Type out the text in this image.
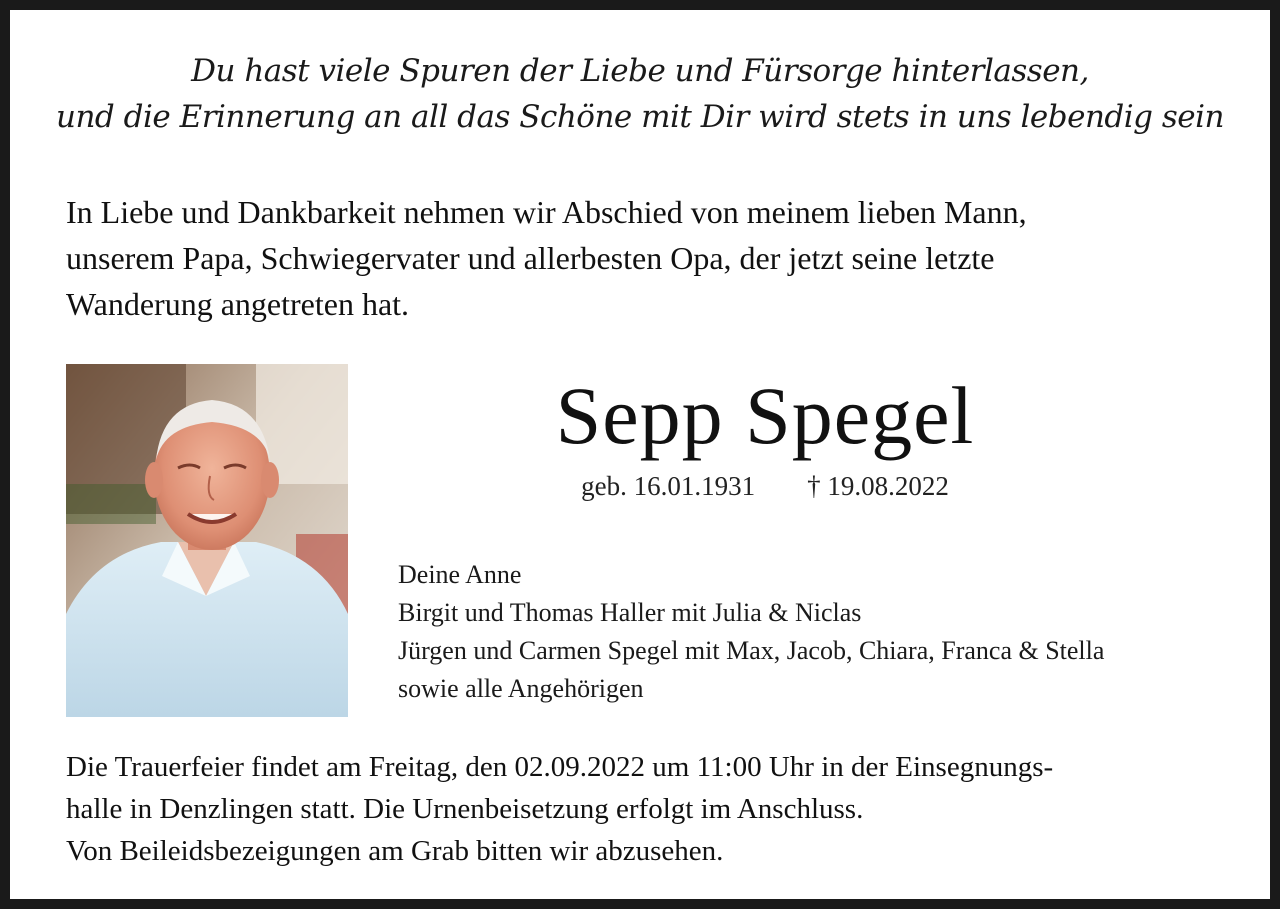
Du hast viele Spuren der Liebe und Fürsorge hinterlassen,
und die Erinnerung an all das Schöne mit Dir wird stets in uns lebendig sein
In Liebe und Dankbarkeit nehmen wir Abschied von meinem lieben Mann,
unserem Papa, Schwiegervater und allerbesten Opa, der jetzt seine letzte
Wanderung angetreten hat.
Sepp Spegel
geb. 16.01.1931 † 19.08.2022
Deine Anne
Birgit und Thomas Haller mit Julia & Niclas
Jürgen und Carmen Spegel mit Max, Jacob, Chiara, Franca & Stella
sowie alle Angehörigen
Die Trauerfeier findet am Freitag, den 02.09.2022 um 11:00 Uhr in der Einsegnungs-
halle in Denzlingen statt. Die Urnenbeisetzung erfolgt im Anschluss.
Von Beileidsbezeigungen am Grab bitten wir abzusehen.
